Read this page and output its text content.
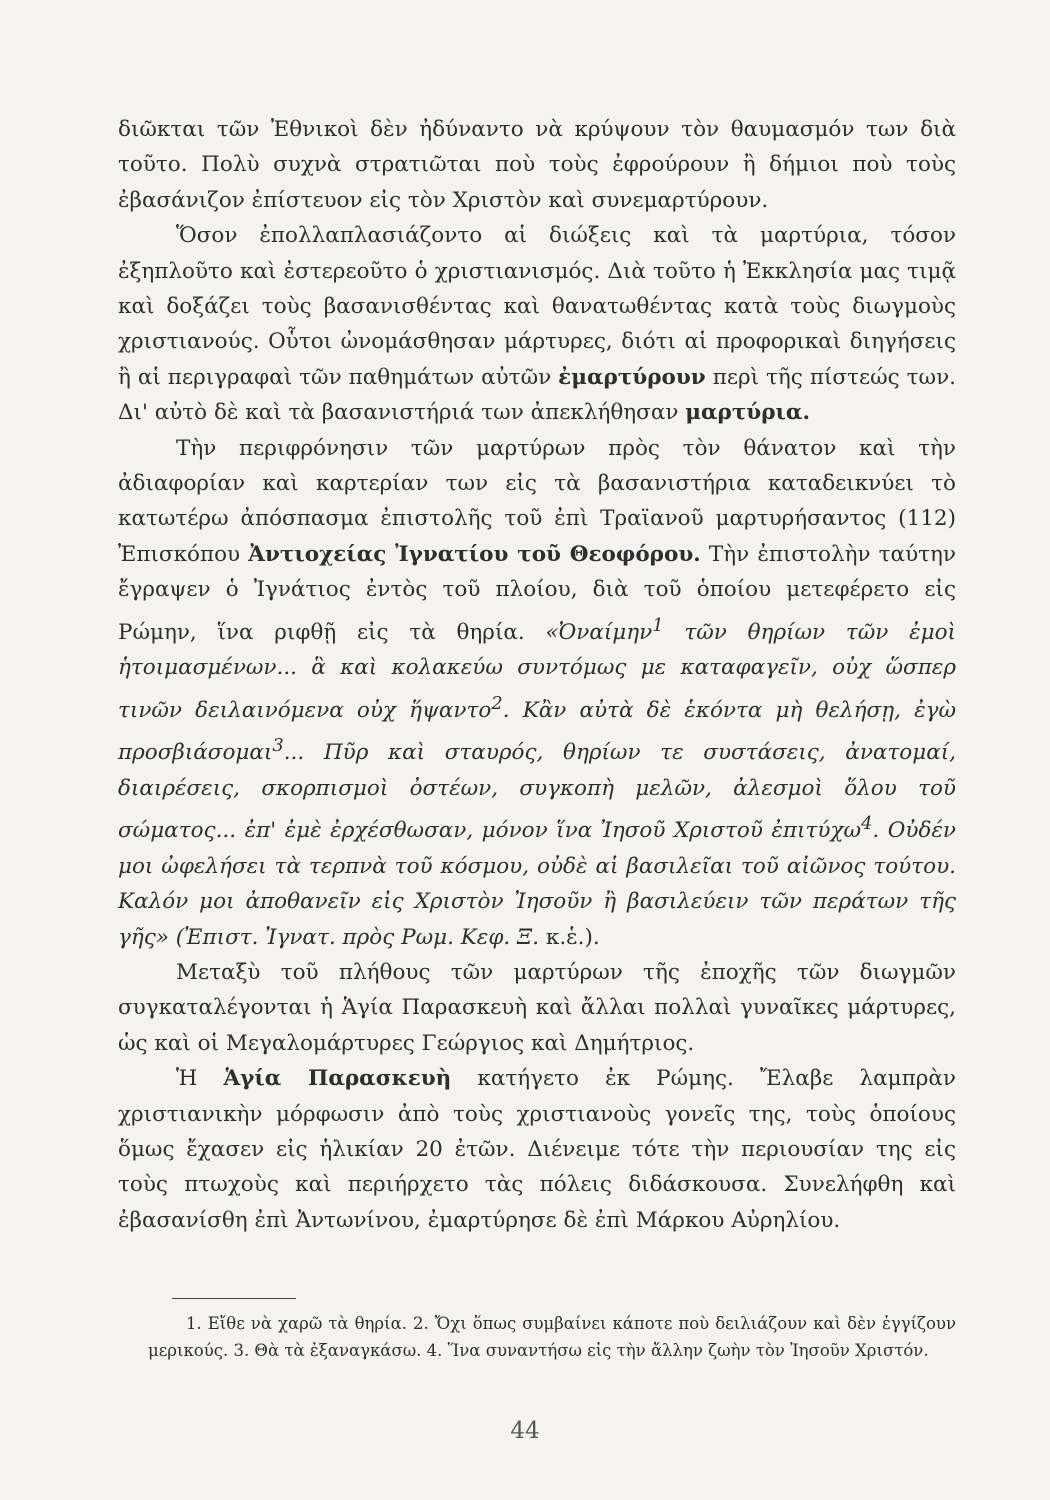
διῶκται τῶν Ἐθνικοὶ δὲν ἠδύναντο νὰ κρύψουν τὸν θαυμασμόν των διὰ τοῦτο. Πολὺ συχνὰ στρατιῶται ποὺ τοὺς ἐφρούρουν ἢ δήμιοι ποὺ τοὺς ἐβασάνιζον ἐπίστευον εἰς τὸν Χριστὸν καὶ συνεμαρτύρουν.

Ὅσον ἐπολλαπλασιάζοντο αἱ διώξεις καὶ τὰ μαρτύρια, τόσον ἐξηπλοῦτο καὶ ἐστερεοῦτο ὁ χριστιανισμός. Διὰ τοῦτο ἡ Ἐκκλησία μας τιμᾷ καὶ δοξάζει τοὺς βασανισθέντας καὶ θανατωθέντας κατὰ τοὺς διωγμοὺς χριστιανούς. Οὗτοι ὠνομάσθησαν μάρτυρες, διότι αἱ προφορικαὶ διηγήσεις ἢ αἱ περιγραφαὶ τῶν παθημάτων αὐτῶν ἐμαρτύρουν περὶ τῆς πίστεώς των. Δι' αὐτὸ δὲ καὶ τὰ βασανιστήριά των ἀπεκλήθησαν μαρτύρια.

Τὴν περιφρόνησιν τῶν μαρτύρων πρὸς τὸν θάνατον καὶ τὴν ἀδιαφορίαν καὶ καρτερίαν των εἰς τὰ βασανιστήρια καταδεικνύει τὸ κατωτέρω ἀπόσπασμα ἐπιστολῆς τοῦ ἐπὶ Τραϊανοῦ μαρτυρήσαντος (112) Ἐπισκόπου Ἀντιοχείας Ἰγνατίου τοῦ Θεοφόρου. Τὴν ἐπιστολὴν ταύτην ἔγραψεν ὁ Ἰγνάτιος ἐντὸς τοῦ πλοίου, διὰ τοῦ ὁποίου μετεφέρετο εἰς Ρώμην, ἵνα ριφθῇ εἰς τὰ θηρία. «Ὀναίμην$^1$ τῶν θηρίων τῶν ἐμοὶ ἡτοιμασμένων... ἃ καὶ κολακεύω συντόμως με καταφαγεῖν, οὐχ ὥσπερ τινῶν δειλαινόμενα οὐχ ἥψαντο$^2$. Κἂν αὐτὰ δὲ ἑκόντα μὴ θελήσῃ, ἐγὼ προσβιάσομαι$^3$... Πῦρ καὶ σταυρός, θηρίων τε συστάσεις, ἀνατομαί, διαιρέσεις, σκορπισμοὶ ὀστέων, συγκοπὴ μελῶν, ἀλεσμοὶ ὅλου τοῦ σώματος... ἐπ' ἐμὲ ἐρχέσθωσαν, μόνον ἵνα Ἰησοῦ Χριστοῦ ἐπιτύχω$^4$. Οὐδέν μοι ὠφελήσει τὰ τερπνὰ τοῦ κόσμου, οὐδὲ αἱ βασιλεῖαι τοῦ αἰῶνος τούτου. Καλόν μοι ἀποθανεῖν εἰς Χριστὸν Ἰησοῦν ἢ βασιλεύειν τῶν περάτων τῆς γῆς» (Ἐπιστ. Ἰγνατ. πρὸς Ρωμ. Κεφ. Ξ. κ.ἑ.).

Μεταξὺ τοῦ πλήθους τῶν μαρτύρων τῆς ἐποχῆς τῶν διωγμῶν συγκαταλέγονται ἡ Ἁγία Παρασκευὴ καὶ ἄλλαι πολλαὶ γυναῖκες μάρτυρες, ὡς καὶ οἱ Μεγαλομάρτυρες Γεώργιος καὶ Δημήτριος.

Ἡ Ἁγία Παρασκευὴ κατήγετο ἐκ Ρώμης. Ἔλαβε λαμπρὰν χριστιανικὴν μόρφωσιν ἀπὸ τοὺς χριστιανοὺς γονεῖς της, τοὺς ὁποίους ὅμως ἔχασεν εἰς ἡλικίαν 20 ἐτῶν. Διένειμε τότε τὴν περιουσίαν της εἰς τοὺς πτωχοὺς καὶ περιήρχετο τὰς πόλεις διδάσκουσα. Συνελήφθη καὶ ἐβασανίσθη ἐπὶ Ἀντωνίνου, ἐμαρτύρησε δὲ ἐπὶ Μάρκου Αὐρηλίου.

1. Εἴθε νὰ χαρῶ τὰ θηρία. 2. Ὄχι ὅπως συμβαίνει κάποτε ποὺ δειλιάζουν καὶ δὲν ἐγγίζουν μερικούς. 3. Θὰ τὰ ἐξαναγκάσω. 4. Ἵνα συναντήσω εἰς τὴν ἄλλην ζωὴν τὸν Ἰησοῦν Χριστόν.

44
